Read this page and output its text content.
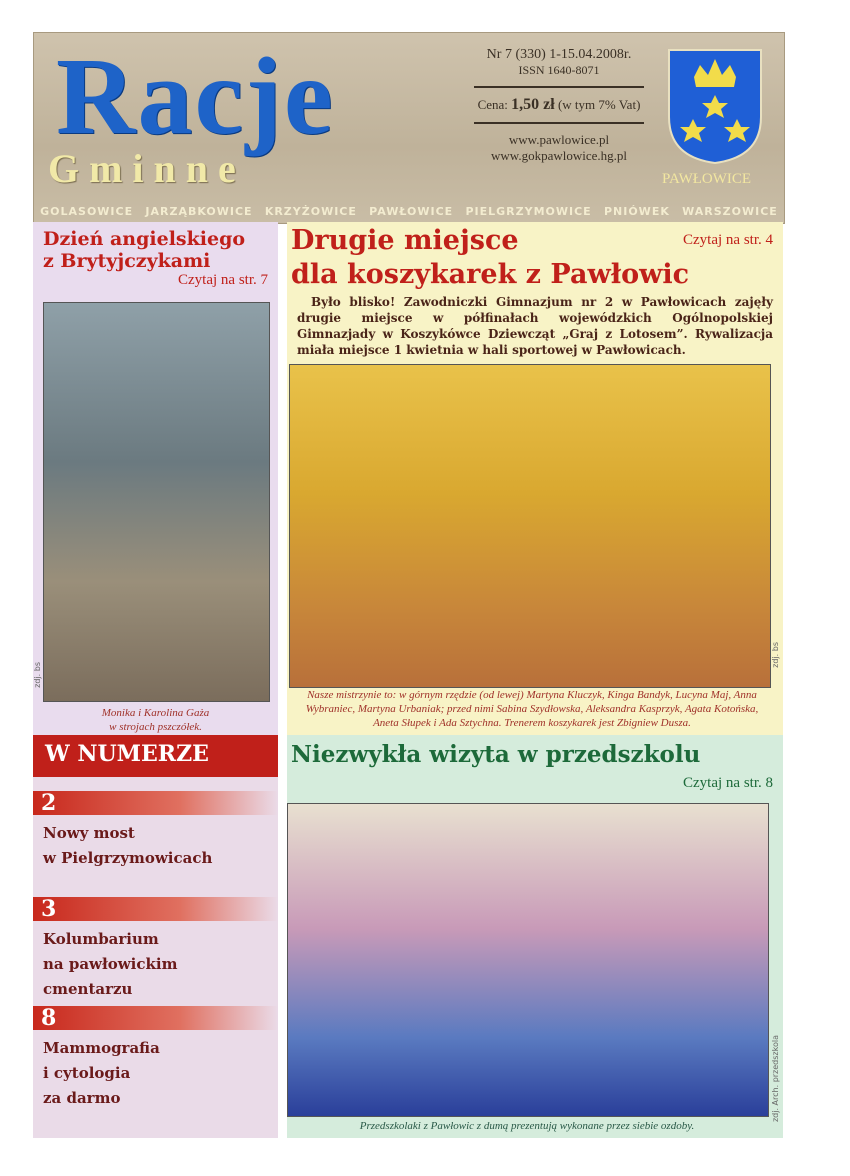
Racje
Gminne
Nr 7 (330) 1-15.04.2008r.
ISSN 1640-8071
Cena: 1,50 zł (w tym 7% Vat)
www.pawlowice.pl
www.gokpawlowice.hg.pl
PAWŁOWICE
GOLASOWICE JARZĄBKOWICE KRZYŻOWICE PAWŁOWICE PIELGRZYMOWICE PNIÓWEK WARSZOWICE
Dzień angielskiego
z Brytyjczykami
Czytaj na str. 7
Monika i Karolina Gaża
w strojach pszczółek.
zdj. bs
Czytaj na str. 4
Drugie miejsce
dla koszykarek z Pawłowic
Było blisko! Zawodniczki Gimnazjum nr 2 w Pawłowicach zajęły drugie miejsce w półfinałach wojewódzkich Ogólnopolskiej Gimnazjady w Koszykówce Dziewcząt „Graj z Lotosem”. Rywalizacja miała miejsce 1 kwietnia w hali sportowej w Pawłowicach.
zdj. bs
Nasze mistrzynie to: w górnym rzędzie (od lewej) Martyna Kluczyk, Kinga Bandyk, Lucyna Maj, Anna Wybraniec, Martyna Urbaniak; przed nimi Sabina Szydłowska, Aleksandra Kasprzyk, Agata Kotońska, Aneta Słupek i Ada Sztychna. Trenerem koszykarek jest Zbigniew Dusza.
W NUMERZE
2
Nowy most
w Pielgrzymowicach
3
Kolumbarium
na pawłowickim
cmentarzu
8
Mammografia
i cytologia
za darmo
Niezwykła wizyta w przedszkolu
Czytaj na str. 8
zdj. Arch. przedszkola
Przedszkolaki z Pawłowic z dumą prezentują wykonane przez siebie ozdoby.
